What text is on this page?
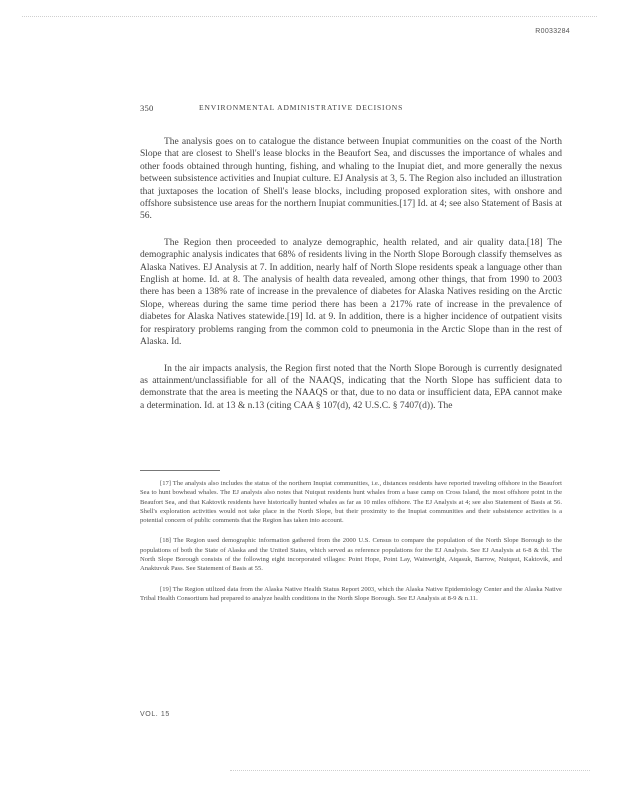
R0033284
350	ENVIRONMENTAL ADMINISTRATIVE DECISIONS

The analysis goes on to catalogue the distance between Inupiat communities on the coast of the North Slope that are closest to Shell's lease blocks in the Beaufort Sea, and discusses the importance of whales and other foods obtained through hunting, fishing, and whaling to the Inupiat diet, and more generally the nexus between subsistence activities and Inupiat culture. EJ Analysis at 3, 5. The Region also included an illustration that juxtaposes the location of Shell's lease blocks, including proposed exploration sites, with onshore and offshore subsistence use areas for the northern Inupiat communities.[17] Id. at 4; see also Statement of Basis at 56.

The Region then proceeded to analyze demographic, health related, and air quality data.[18] The demographic analysis indicates that 68% of residents living in the North Slope Borough classify themselves as Alaska Natives. EJ Analysis at 7. In addition, nearly half of North Slope residents speak a language other than English at home. Id. at 8. The analysis of health data revealed, among other things, that from 1990 to 2003 there has been a 138% rate of increase in the prevalence of diabetes for Alaska Natives residing on the Arctic Slope, whereas during the same time period there has been a 217% rate of increase in the prevalence of diabetes for Alaska Natives statewide.[19] Id. at 9. In addition, there is a higher incidence of outpatient visits for respiratory problems ranging from the common cold to pneumonia in the Arctic Slope than in the rest of Alaska. Id.

In the air impacts analysis, the Region first noted that the North Slope Borough is currently designated as attainment/unclassifiable for all of the NAAQS, indicating that the North Slope has sufficient data to demonstrate that the area is meeting the NAAQS or that, due to no data or insufficient data, EPA cannot make a determination. Id. at 13 & n.13 (citing CAA § 107(d), 42 U.S.C. § 7407(d)). The

[17] The analysis also includes the status of the northern Inupiat communities, i.e., distances residents have reported traveling offshore in the Beaufort Sea to hunt bowhead whales. The EJ analysis also notes that Nuiqsut residents hunt whales from a base camp on Cross Island, the most offshore point in the Beaufort Sea, and that Kaktovik residents have historically hunted whales as far as 10 miles offshore. The EJ Analysis at 4; see also Statement of Basis at 56. Shell's exploration activities would not take place in the North Slope, but their proximity to the Inupiat communities and their subsistence activities is a potential concern of public comments that the Region has taken into account.

[18] The Region used demographic information gathered from the 2000 U.S. Census to compare the population of the North Slope Borough to the populations of both the State of Alaska and the United States, which served as reference populations for the EJ Analysis. See EJ Analysis at 6-8 & tbl. The North Slope Borough consists of the following eight incorporated villages: Point Hope, Point Lay, Wainwright, Atqasuk, Barrow, Nuiqsut, Kaktovik, and Anaktuvuk Pass. See Statement of Basis at 55.

[19] The Region utilized data from the Alaska Native Health Status Report 2003, which the Alaska Native Epidemiology Center and the Alaska Native Tribal Health Consortium had prepared to analyze health conditions in the North Slope Borough. See EJ Analysis at 8-9 & n.11.

VOL. 15
